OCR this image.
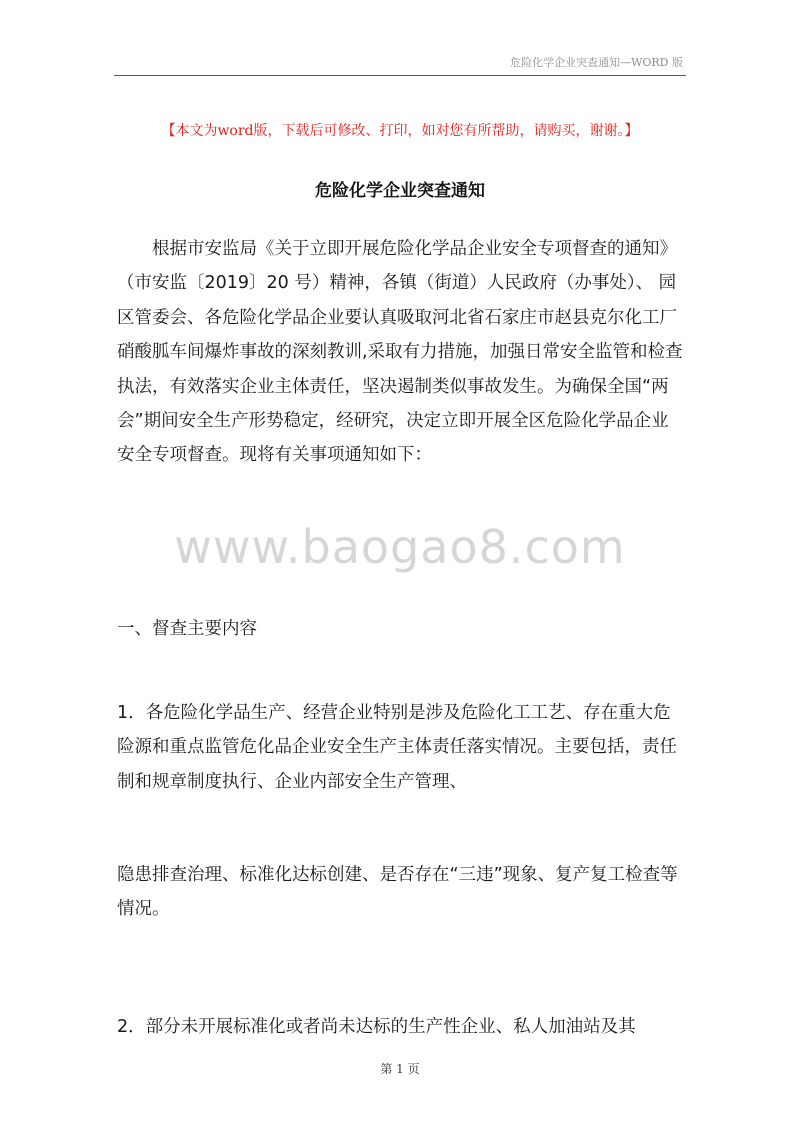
危险化学企业突查通知—WORD 版
【本文为word版，下载后可修改、打印，如对您有所帮助，请购买，谢谢。】
危险化学企业突查通知

根据市安监局《关于立即开展危险化学品企业安全专项督查的通知》（市安监〔2019〕20 号）精神，各镇（街道）人民政府（办事处）、 园区管委会、各危险化学品企业要认真吸取河北省石家庄市赵县克尔化工厂硝酸胍车间爆炸事故的深刻教训,采取有力措施，加强日常安全监管和检查执法，有效落实企业主体责任，坚决遏制类似事故发生。为确保全国“两会”期间安全生产形势稳定，经研究，决定立即开展全区危险化学品企业安全专项督查。现将有关事项通知如下：

www.baogao8.com

一、督查主要内容

1．各危险化学品生产、经营企业特别是涉及危险化工工艺、存在重大危险源和重点监管危化品企业安全生产主体责任落实情况。主要包括，责任制和规章制度执行、企业内部安全生产管理、

隐患排查治理、标准化达标创建、是否存在“三违”现象、复产复工检查等情况。

2．部分未开展标准化或者尚未达标的生产性企业、私人加油站及其

第 1 页
